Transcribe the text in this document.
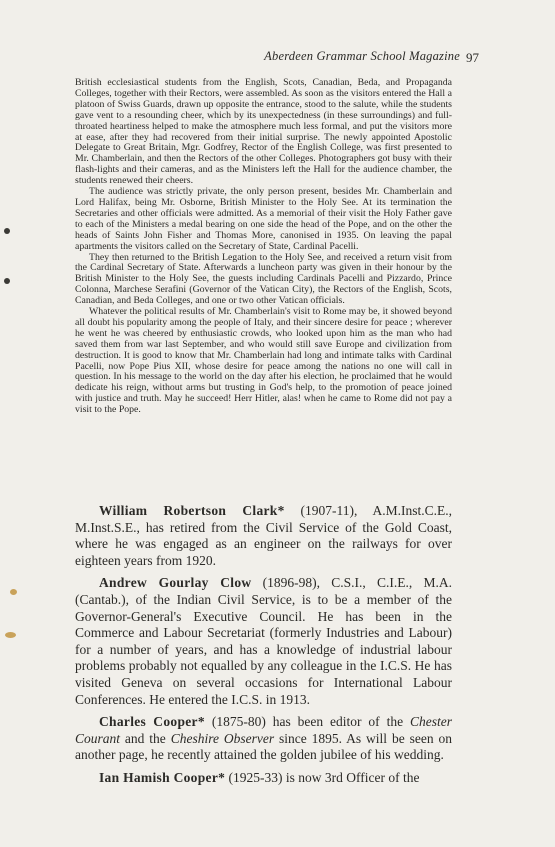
Aberdeen Grammar School Magazine 97

British ecclesiastical students from the English, Scots, Canadian, Beda, and Propaganda Colleges, together with their Rectors, were assembled. As soon as the visitors entered the Hall a platoon of Swiss Guards, drawn up opposite the entrance, stood to the salute, while the students gave vent to a resounding cheer, which by its unexpectedness (in these surroundings) and full-throated heartiness helped to make the atmosphere much less formal, and put the visitors more at ease, after they had recovered from their initial surprise. The newly appointed Apostolic Delegate to Great Britain, Mgr. Godfrey, Rector of the English College, was first presented to Mr. Chamberlain, and then the Rectors of the other Colleges. Photographers got busy with their flash-lights and their cameras, and as the Ministers left the Hall for the audience chamber, the students renewed their cheers.

The audience was strictly private, the only person present, besides Mr. Chamberlain and Lord Halifax, being Mr. Osborne, British Minister to the Holy See. At its termination the Secretaries and other officials were admitted. As a memorial of their visit the Holy Father gave to each of the Ministers a medal bearing on one side the head of the Pope, and on the other the heads of Saints John Fisher and Thomas More, canonised in 1935. On leaving the papal apartments the visitors called on the Secretary of State, Cardinal Pacelli.

They then returned to the British Legation to the Holy See, and received a return visit from the Cardinal Secretary of State. Afterwards a luncheon party was given in their honour by the British Minister to the Holy See, the guests including Cardinals Pacelli and Pizzardo, Prince Colonna, Marchese Serafini (Governor of the Vatican City), the Rectors of the English, Scots, Canadian, and Beda Colleges, and one or two other Vatican officials.

Whatever the political results of Mr. Chamberlain's visit to Rome may be, it showed beyond all doubt his popularity among the people of Italy, and their sincere desire for peace ; wherever he went he was cheered by enthusiastic crowds, who looked upon him as the man who had saved them from war last September, and who would still save Europe and civilization from destruction. It is good to know that Mr. Chamberlain had long and intimate talks with Cardinal Pacelli, now Pope Pius XII, whose desire for peace among the nations no one will call in question. In his message to the world on the day after his election, he proclaimed that he would dedicate his reign, without arms but trusting in God's help, to the promotion of peace joined with justice and truth. May he succeed! Herr Hitler, alas! when he came to Rome did not pay a visit to the Pope.

William Robertson Clark* (1907-11), A.M.Inst.C.E., M.Inst.S.E., has retired from the Civil Service of the Gold Coast, where he was engaged as an engineer on the railways for over eighteen years from 1920.

Andrew Gourlay Clow (1896-98), C.S.I., C.I.E., M.A. (Cantab.), of the Indian Civil Service, is to be a member of the Governor-General's Executive Council. He has been in the Commerce and Labour Secretariat (formerly Industries and Labour) for a number of years, and has a knowledge of industrial labour problems probably not equalled by any colleague in the I.C.S. He has visited Geneva on several occasions for International Labour Conferences. He entered the I.C.S. in 1913.

Charles Cooper* (1875-80) has been editor of the Chester Courant and the Cheshire Observer since 1895. As will be seen on another page, he recently attained the golden jubilee of his wedding.

Ian Hamish Cooper* (1925-33) is now 3rd Officer of the
